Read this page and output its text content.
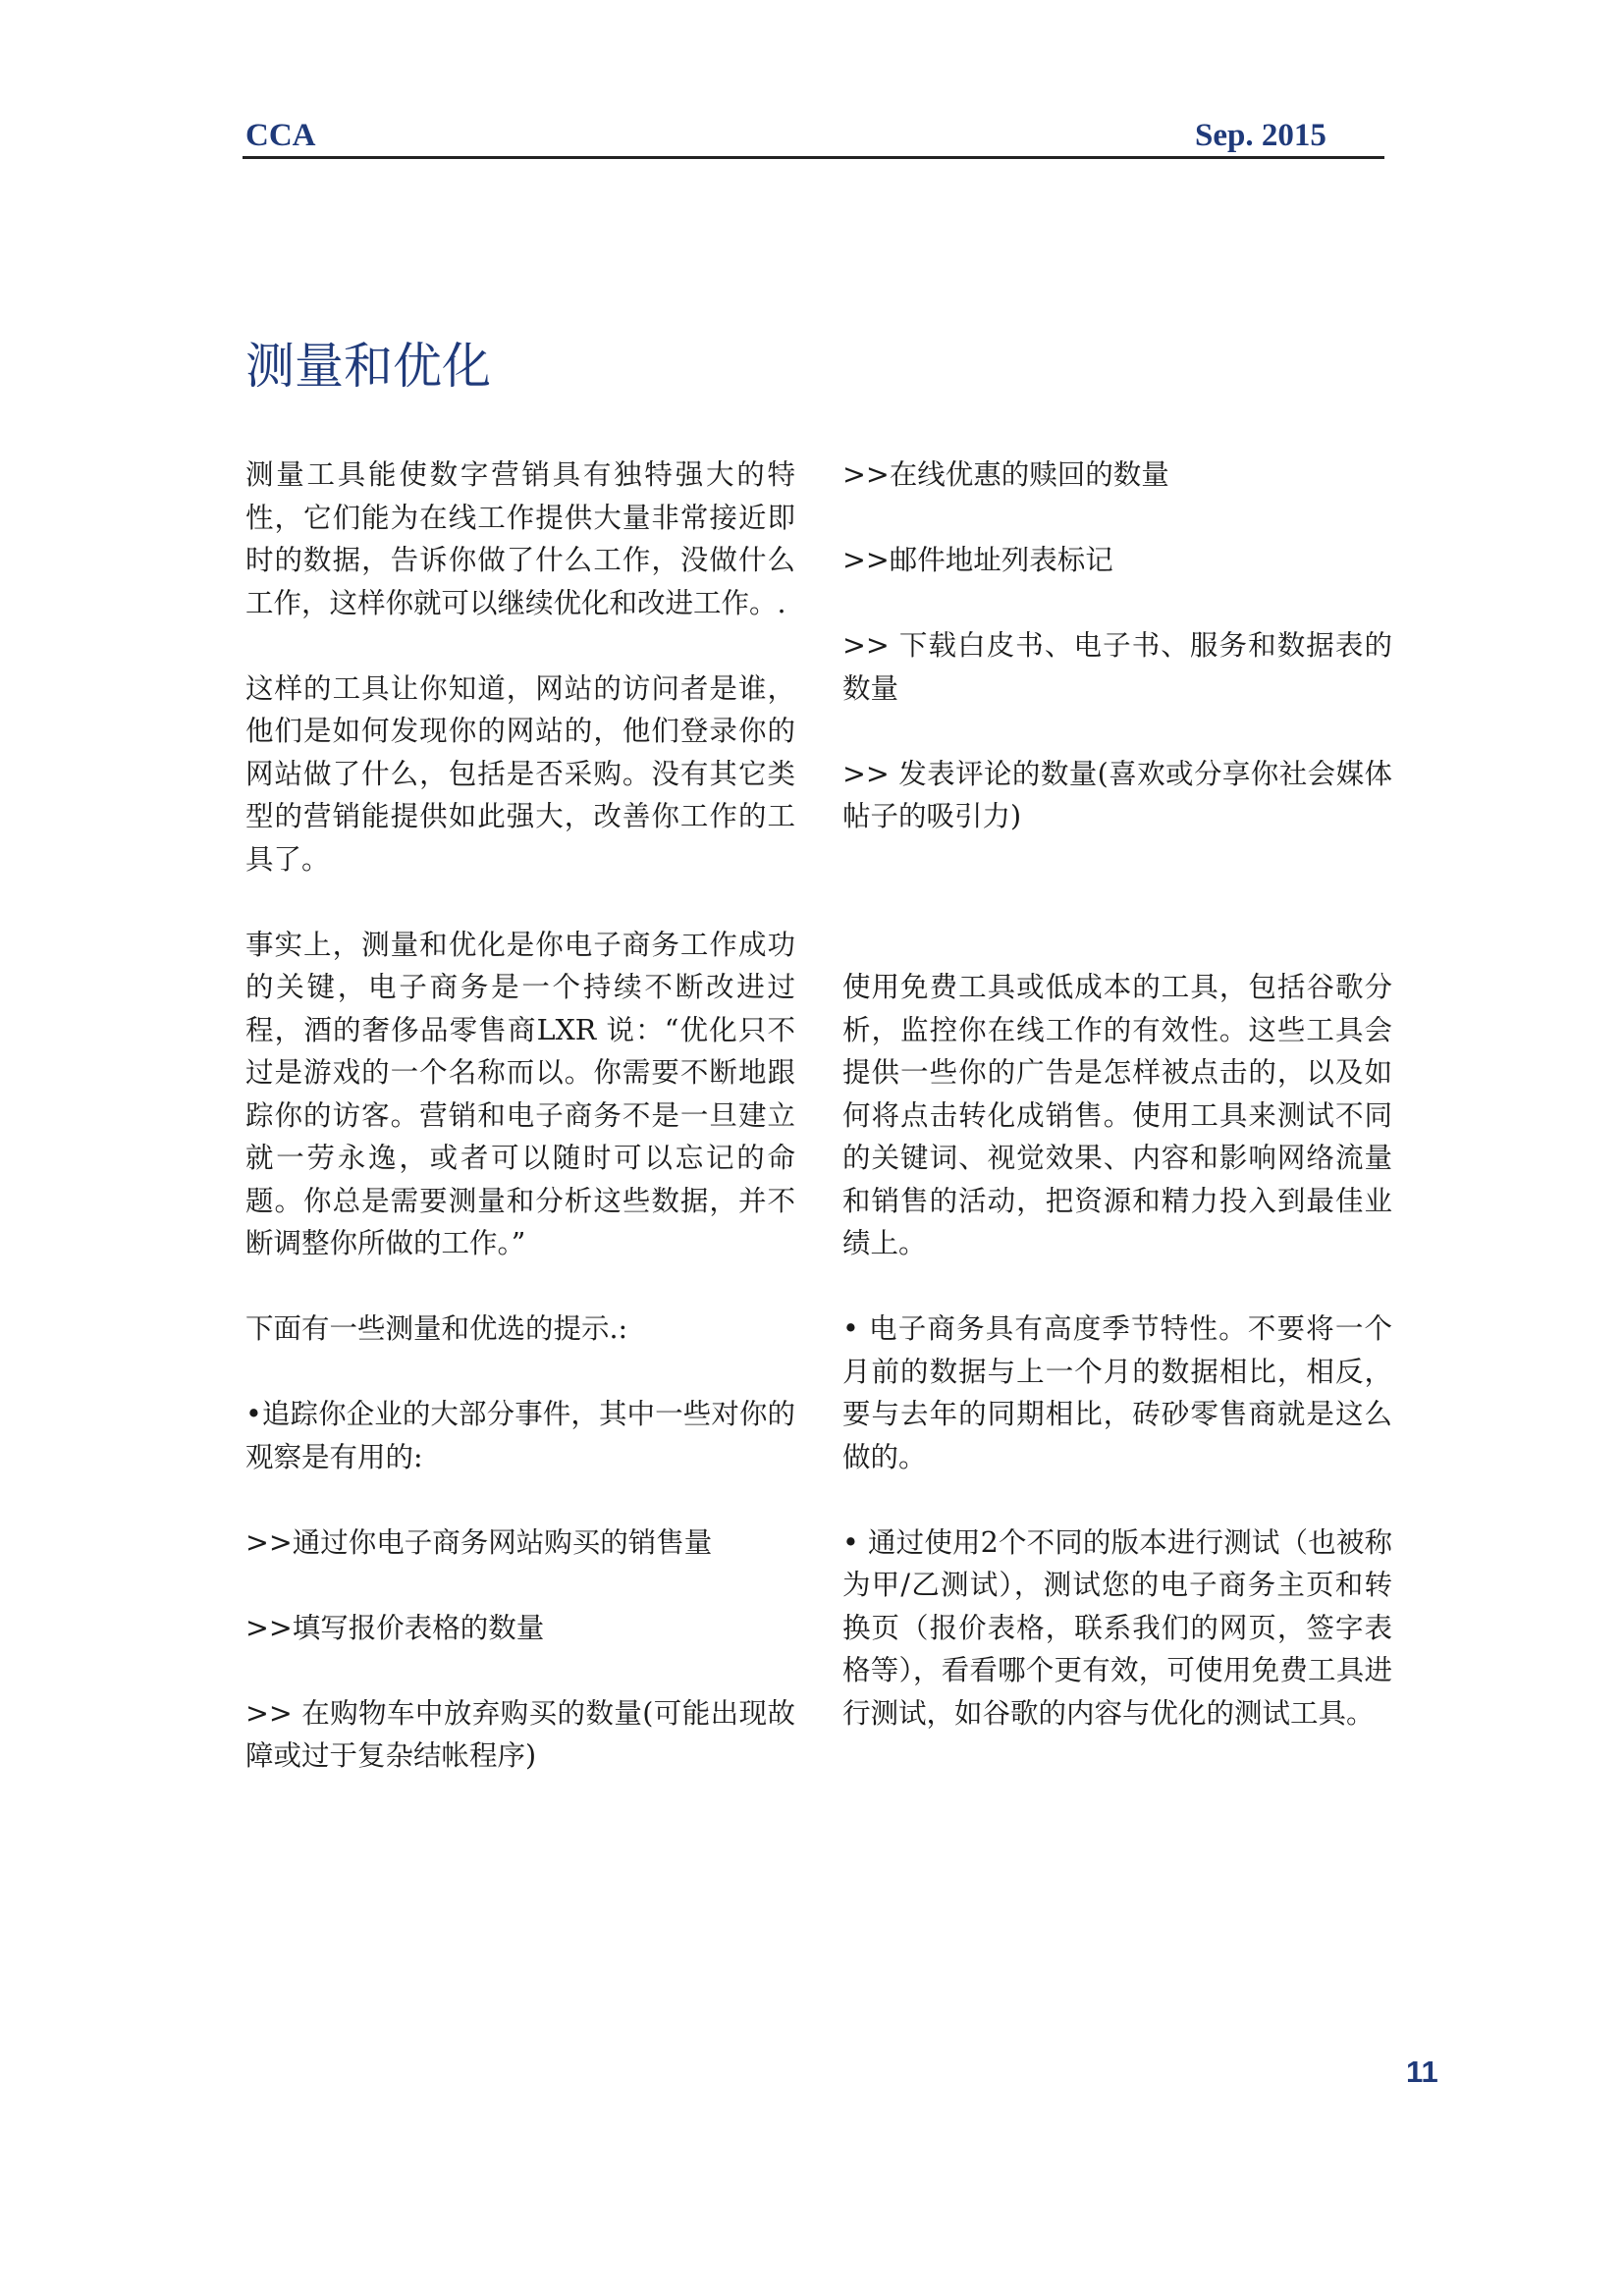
CCA	Sep. 2015
测量和优化

测量工具能使数字营销具有独特强大的特性，它们能为在线工作提供大量非常接近即时的数据，告诉你做了什么工作，没做什么工作，这样你就可以继续优化和改进工作。.

这样的工具让你知道，网站的访问者是谁，他们是如何发现你的网站的，他们登录你的网站做了什么，包括是否采购。没有其它类型的营销能提供如此强大，改善你工作的工具了。

事实上，测量和优化是你电子商务工作成功的关键，电子商务是一个持续不断改进过程，酒的奢侈品零售商LXR 说：“优化只不过是游戏的一个名称而以。你需要不断地跟踪你的访客。营销和电子商务不是一旦建立就一劳永逸，或者可以随时可以忘记的命题。你总是需要测量和分析这些数据，并不断调整你所做的工作。”

下面有一些测量和优选的提示.:

•追踪你企业的大部分事件，其中一些对你的观察是有用的:

>>通过你电子商务网站购买的销售量

>>填写报价表格的数量

>> 在购物车中放弃购买的数量(可能出现故障或过于复杂结帐程序)

>>在线优惠的赎回的数量

>>邮件地址列表标记

>> 下载白皮书、电子书、服务和数据表的数量

>> 发表评论的数量(喜欢或分享你社会媒体帖子的吸引力)

使用免费工具或低成本的工具，包括谷歌分析，监控你在线工作的有效性。这些工具会提供一些你的广告是怎样被点击的，以及如何将点击转化成销售。使用工具来测试不同的关键词、视觉效果、内容和影响网络流量和销售的活动，把资源和精力投入到最佳业绩上。

• 电子商务具有高度季节特性。不要将一个月前的数据与上一个月的数据相比，相反，要与去年的同期相比，砖砂零售商就是这么做的。

• 通过使用2个不同的版本进行测试（也被称为甲/乙测试），测试您的电子商务主页和转换页（报价表格，联系我们的网页，签字表格等），看看哪个更有效，可使用免费工具进行测试，如谷歌的内容与优化的测试工具。

11
